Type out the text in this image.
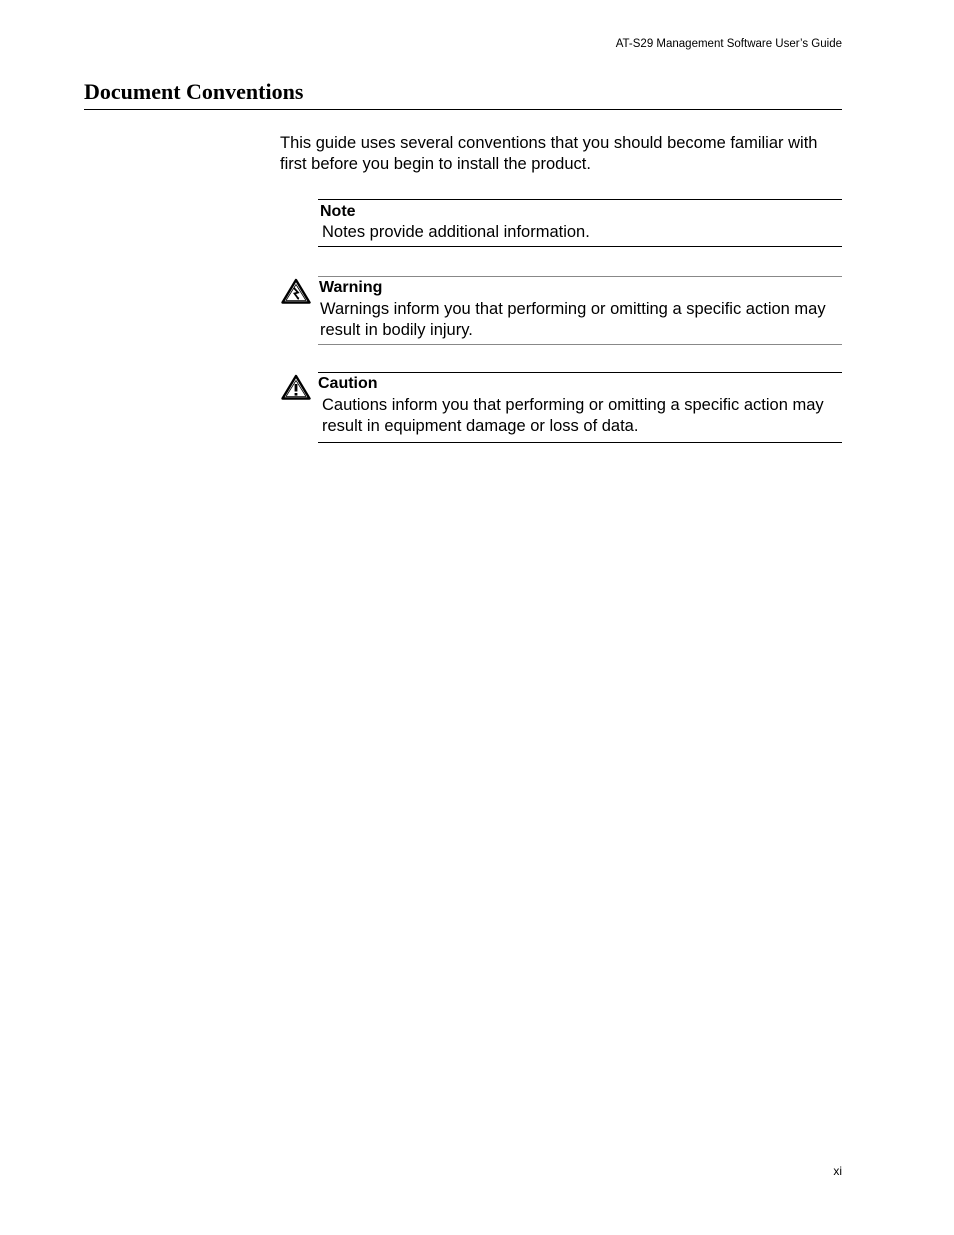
AT-S29 Management Software User’s Guide
Document Conventions

This guide uses several conventions that you should become familiar with first before you begin to install the product.

Note
Notes provide additional information.
Warning
Warnings inform you that performing or omitting a specific action may result in bodily injury.
Caution
Cautions inform you that performing or omitting a specific action may result in equipment damage or loss of data.
xi
